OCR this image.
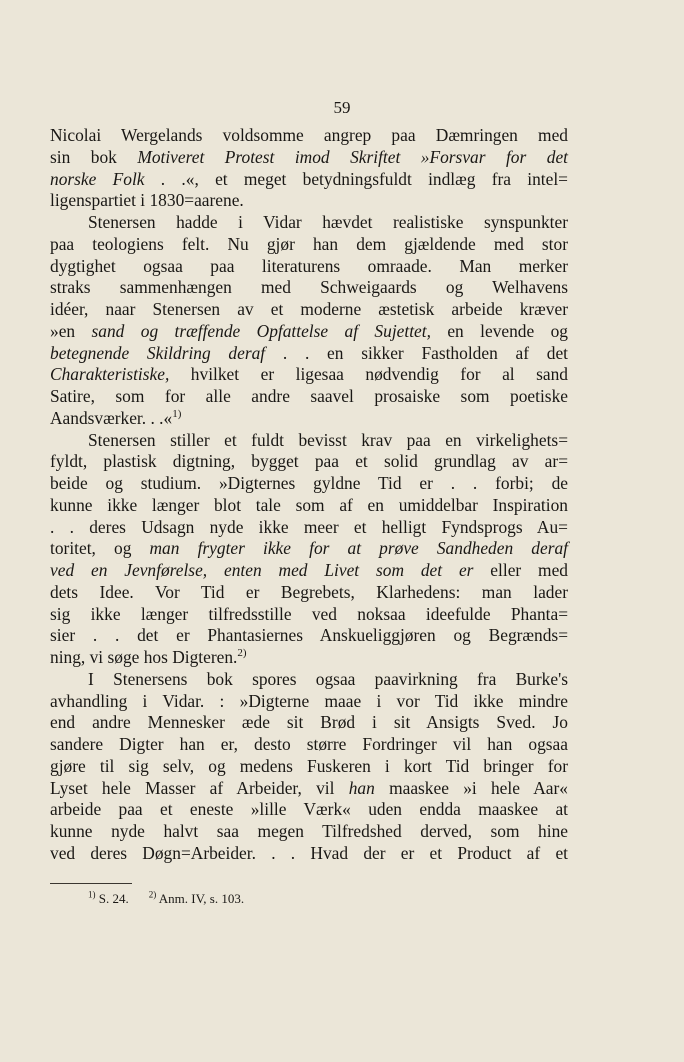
59
Nicolai Wergelands voldsomme angrep paa Dæmringen med
sin bok Motiveret Protest imod Skriftet »Forsvar for det
norske Folk . .«, et meget betydningsfuldt indlæg fra intel=
ligenspartiet i 1830=aarene.
Stenersen hadde i Vidar hævdet realistiske synspunkter
paa teologiens felt. Nu gjør han dem gjældende med stor
dygtighet ogsaa paa literaturens omraade. Man merker
straks sammenhængen med Schweigaards og Welhavens
idéer, naar Stenersen av et moderne æstetisk arbeide kræver
»en sand og træffende Opfattelse af Sujettet, en levende og
betegnende Skildring deraf . . en sikker Fastholden af det
Charakteristiske, hvilket er ligesaa nødvendig for al sand
Satire, som for alle andre saavel prosaiske som poetiske
Aandsværker. . .«$^{1)}$
Stenersen stiller et fuldt bevisst krav paa en virkelighets=
fyldt, plastisk digtning, bygget paa et solid grundlag av ar=
beide og studium. »Digternes gyldne Tid er . . forbi; de
kunne ikke længer blot tale som af en umiddelbar Inspiration
. . deres Udsagn nyde ikke meer et helligt Fyndsprogs Au=
toritet, og man frygter ikke for at prøve Sandheden deraf
ved en Jevnførelse, enten med Livet som det er eller med
dets Idee. Vor Tid er Begrebets, Klarhedens: man lader
sig ikke længer tilfredsstille ved noksaa ideefulde Phanta=
sier . . det er Phantasiernes Anskueliggjøren og Begrænds=
ning, vi søge hos Digteren.$^{2)}$
I Stenersens bok spores ogsaa paavirkning fra Burke's
avhandling i Vidar. : »Digterne maae i vor Tid ikke mindre
end andre Mennesker æde sit Brød i sit Ansigts Sved. Jo
sandere Digter han er, desto større Fordringer vil han ogsaa
gjøre til sig selv, og medens Fuskeren i kort Tid bringer for
Lyset hele Masser af Arbeider, vil han maaskee »i hele Aar«
arbeide paa et eneste »lille Værk« uden endda maaskee at
kunne nyde halvt saa megen Tilfredshed derved, som hine
ved deres Døgn=Arbeider. . . Hvad der er et Product af et
$^{1)}$ S. 24. $^{2)}$ Anm. IV, s. 103.
